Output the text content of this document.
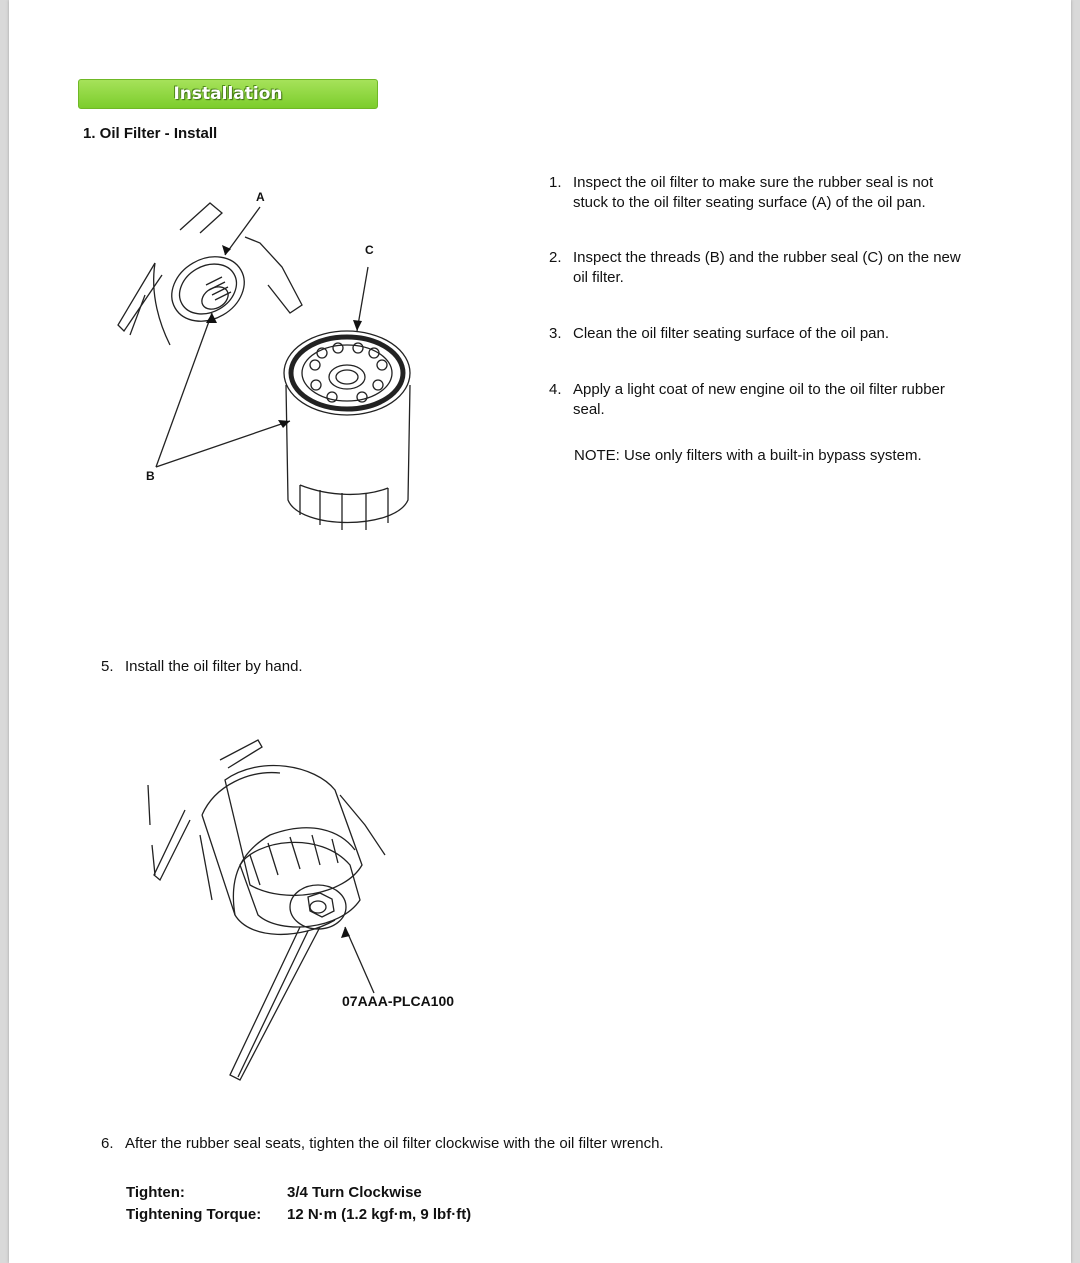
Installation
1. Oil Filter - Install
A
C
B
1. Inspect the oil filter to make sure the rubber seal is not
stuck to the oil filter seating surface (A) of the oil pan.
2. Inspect the threads (B) and the rubber seal (C) on the new
oil filter.
3. Clean the oil filter seating surface of the oil pan.
4. Apply a light coat of new engine oil to the oil filter rubber
seal.
NOTE: Use only filters with a built-in bypass system.
5. Install the oil filter by hand.
07AAA-PLCA100
6. After the rubber seal seats, tighten the oil filter clockwise with the oil filter wrench.
Tighten:	3/4 Turn Clockwise
Tightening Torque: 12 N·m (1.2 kgf·m, 9 lbf·ft)
